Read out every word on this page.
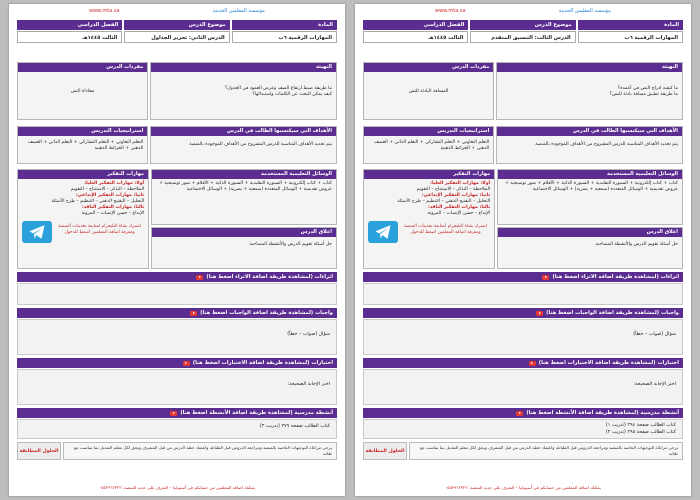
مؤسسة المعلمين الحديثة
www.mta.sa
المادة
موضوع الدرس
الفصل الدراسي
المهارات الرقمية ٦ب
الدرس الثاني: تحرير الجداول
الثالث ١٤٤٥هـ
التهيئة
ما طريقة ضبط ارتفاع الصف وعرض العمود في الجدول؟
كيف يمكن البحث عن الكلمات واستبدالها؟
مفردات الدرس
محاذاة النص
الأهداف التي سيكتسبها الطالب في الدرس
يتم تحديد الأهداف المناسبة للدرس المشروح من الأهداف الموجودة بالمنصة
استراتيجيات التدريس
التعلم التعاوني + التعلم التشاركي + التعلم الذاتي + العصف الذهني + الخرائط الذهنية
الوسائل التعليمية المستخدمة
كتاب + كتاب إلكترونية + السبورة التقليدية + السبورة الذكية + الأقلام + صور توضيحية + عروض تقديمية + الوسائل المتعددة (سمعية + بصرية) + الوسائل الاجتماعية
اغلاق الدرس
حل أسئلة تقويم الدرس والأنشطة المصاحبة
مهارات التفكير
أولا: مهارات التفكير العليا:
الملاحظة – التذكر – الاستنتاج – التقويم
ثانيا: مهارات التفكير الإبداعي:
التحليل – التفتيح الذهني – التنظيم – طرح الأسئلة
ثالثا: مهارات التفكير الناقد:
الإبداع – حسن الإنصات – المرونة
اشترك بقناة التليجرام لمتابعة تحديثات المنصة ومعرفة اضافة المعلمين اضغط للدخول
اثراءات (لمشاهدة طريقة اضافة الاثراء اضغط هنا)
واجبات (لمشاهدة طريقة اضافة الواجبات اضغط هنا)
سؤال (صواب – خطأ)
اختبارات (لمشاهدة طريقة اضافة الاختبارات اضغط هنا)
اختر الإجابة الصحيحة:
أنشطة مدرسية (لمشاهدة طريقة اضافة الأنشطة اضغط هنا)
كتاب الطالب صفحة ٢٧٩ (تدريب ٣)
يرجى مراعاة التوجيهات الخاصة بالمنصة ومراجعة الدروس قبل الطباعة واعتماد خطة الدرس من قبل المشرف ويحق لكل معلم التعديل بما يتناسب مع طلابه
الحلول المطابقة
يمكنك اضافة المعلمين من حسابكم في أسبوعيا – التعرف على جديد المنصة: ٠٥٥٢٩٦٢٣٢٢
مؤسسة المعلمين الحديثة
www.mta.sa
المادة
موضوع الدرس
الفصل الدراسي
المهارات الرقمية ٦ب
الدرس الثالث: التنسيق المتقدم
الثالث ١٤٤٥هـ
التهيئة
ما كيفية ادراج النص في أعمدة؟
ما طريقة تطبيق مسافة بادئة للنص؟
مفردات الدرس
المسافة البادئة للنص
الأهداف التي سيكتسبها الطالب في الدرس
يتم تحديد الأهداف المناسبة للدرس المشروح من الأهداف الموجودة بالمنصة
استراتيجيات التدريس
التعلم التعاوني + التعلم التشاركي + التعلم الذاتي + العصف الذهني + الخرائط الذهنية
الوسائل التعليمية المستخدمة
كتاب + كتاب إلكترونية + السبورة التقليدية + السبورة الذكية + الأقلام + صور توضيحية + عروض تقديمية + الوسائل المتعددة (سمعية + بصرية) + الوسائل الاجتماعية
اغلاق الدرس
حل أسئلة تقويم الدرس والأنشطة المصاحبة
مهارات التفكير
أولا: مهارات التفكير العليا:
الملاحظة – التذكر – الاستنتاج – التقويم
ثانيا: مهارات التفكير الإبداعي:
التحليل – التفتيح الذهني – التنظيم – طرح الأسئلة
ثالثا: مهارات التفكير الناقد:
الإبداع – حسن الإنصات – المرونة
اشترك بقناة التليجرام لمتابعة تحديثات المنصة ومعرفة اضافة المعلمين اضغط للدخول
اثراءات (لمشاهدة طريقة اضافة الاثراء اضغط هنا)
واجبات (لمشاهدة طريقة اضافة الواجبات اضغط هنا)
سؤال (صواب – خطأ)
اختبارات (لمشاهدة طريقة اضافة الاختبارات اضغط هنا)
اختر الإجابة الصحيحة:
أنشطة مدرسية (لمشاهدة طريقة اضافة الأنشطة اضغط هنا)
كتاب الطالب صفحة ٢٩٤ (تدريب ١)
كتاب الطالب صفحة ٢٩٥ (تدريب ٢)
يرجى مراعاة التوجيهات الخاصة بالمنصة ومراجعة الدروس قبل الطباعة واعتماد خطة الدرس من قبل المشرف ويحق لكل معلم التعديل بما يتناسب مع طلابه
الحلول المطابقة
يمكنك اضافة المعلمين من حسابكم في أسبوعيا – التعرف على جديد المنصة: ٠٥٥٢٩٦٢٣٢٢
